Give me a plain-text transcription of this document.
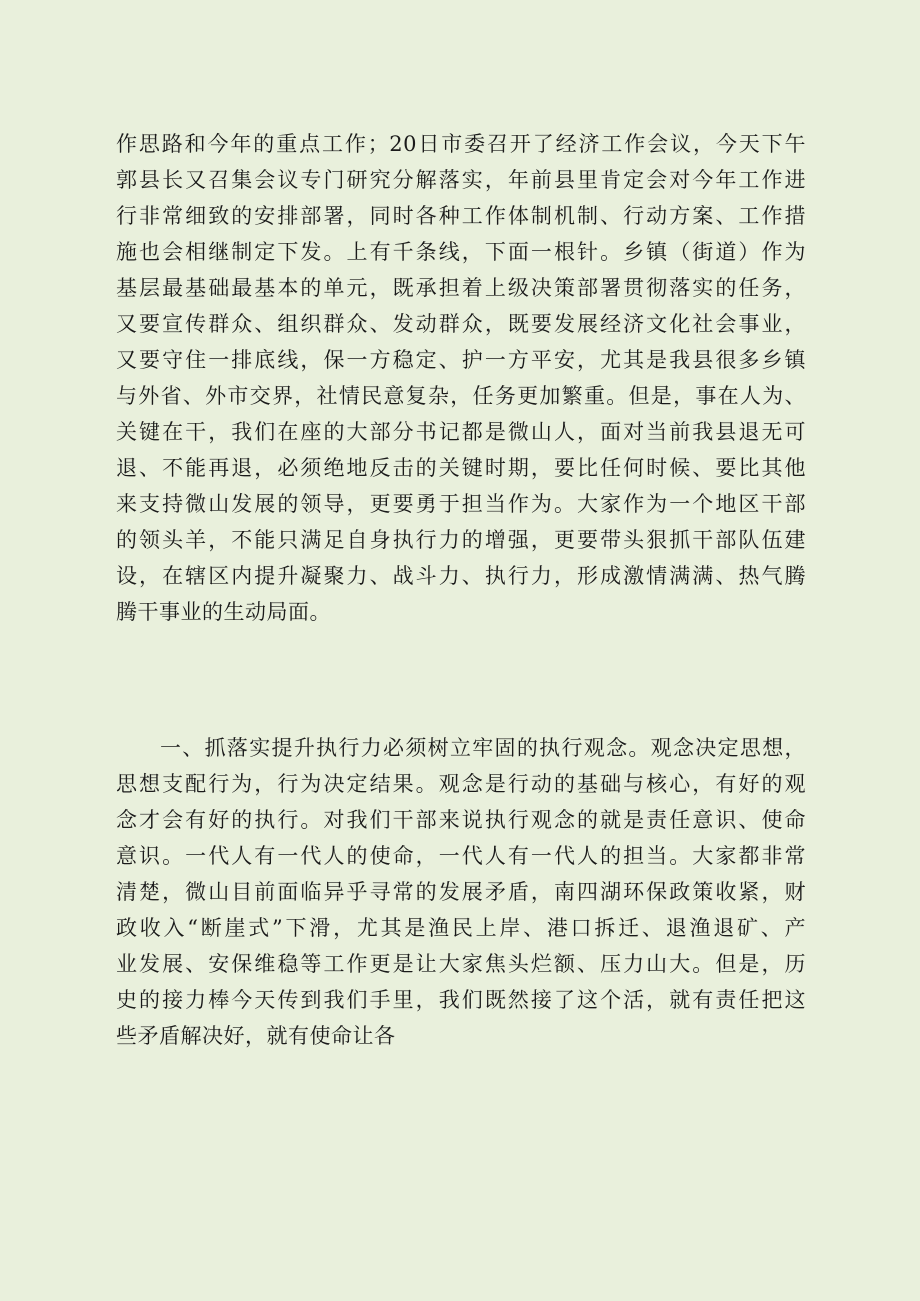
作思路和今年的重点工作；20日市委召开了经济工作会议，今天下午
郭县长又召集会议专门研究分解落实，年前县里肯定会对今年工作进
行非常细致的安排部署，同时各种工作体制机制、行动方案、工作措
施也会相继制定下发。上有千条线，下面一根针。乡镇（街道）作为
基层最基础最基本的单元，既承担着上级决策部署贯彻落实的任务，
又要宣传群众、组织群众、发动群众，既要发展经济文化社会事业，
又要守住一排底线，保一方稳定、护一方平安，尤其是我县很多乡镇
与外省、外市交界，社情民意复杂，任务更加繁重。但是，事在人为、
关键在干，我们在座的大部分书记都是微山人，面对当前我县退无可
退、不能再退，必须绝地反击的关键时期，要比任何时候、要比其他
来支持微山发展的领导，更要勇于担当作为。大家作为一个地区干部
的领头羊，不能只满足自身执行力的增强，更要带头狠抓干部队伍建
设，在辖区内提升凝聚力、战斗力、执行力，形成激情满满、热气腾
腾干事业的生动局面。
一、抓落实提升执行力必须树立牢固的执行观念。观念决定思想，
思想支配行为，行为决定结果。观念是行动的基础与核心，有好的观
念才会有好的执行。对我们干部来说执行观念的就是责任意识、使命
意识。一代人有一代人的使命，一代人有一代人的担当。大家都非常
清楚，微山目前面临异乎寻常的发展矛盾，南四湖环保政策收紧，财
政收入“断崖式”下滑，尤其是渔民上岸、港口拆迁、退渔退矿、产
业发展、安保维稳等工作更是让大家焦头烂额、压力山大。但是，历
史的接力棒今天传到我们手里，我们既然接了这个活，就有责任把这
些矛盾解决好，就有使命让各
